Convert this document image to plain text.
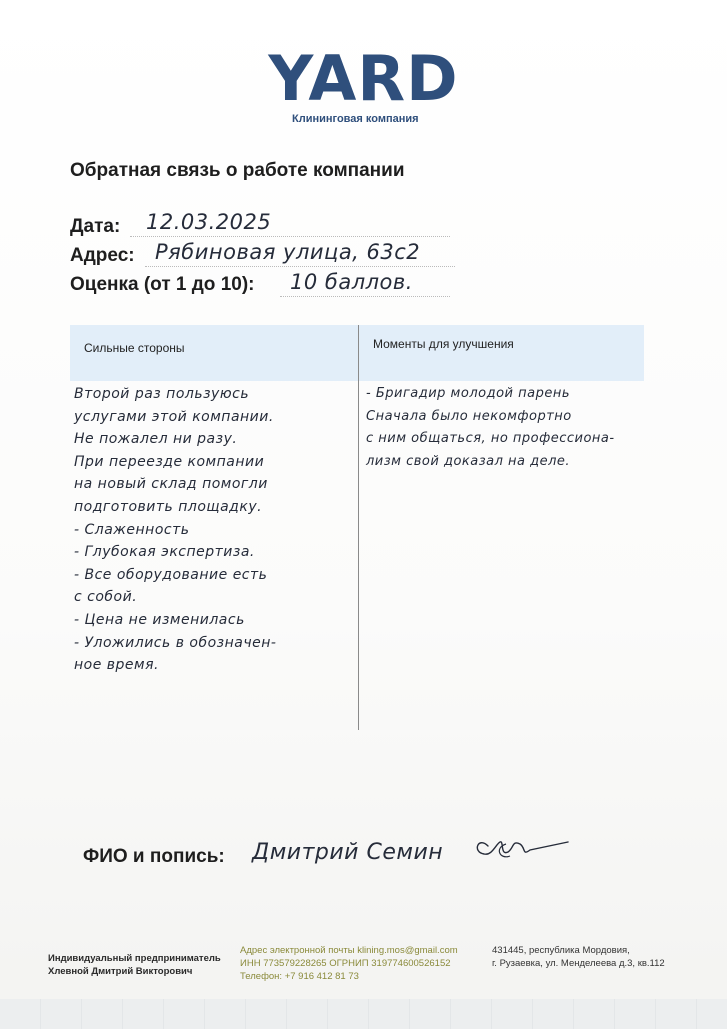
YARD
Клининговая компания
Обратная связь о работе компании
Дата: 12.03.2025
Адрес: Рябиновая улица, 63с2
Оценка (от 1 до 10): 10 баллов.
Сильные стороны	Моменты для улучшения
Второй раз пользуюсь
услугами этой компании.
Не пожалел ни разу.
При переезде компании
на новый склад помогли
подготовить площадку.
- Слаженность
- Глубокая экспертиза.
- Все оборудование есть
с собой.
- Цена не изменилась
- Уложились в обозначен-
ное время.
- Бригадир молодой парень
Сначала было некомфортно
с ним общаться, но профессиона-
лизм свой доказал на деле.
ФИО и попись: Дмитрий Семин
Индивидуальный предприниматель
Хлевной Дмитрий Викторович
Адрес электронной почты klining.mos@gmail.com
ИНН 773579228265 ОГРНИП 319774600526152
Телефон: +7 916 412 81 73
431445, республика Мордовия,
г. Рузаевка, ул. Менделеева д.3, кв.112
